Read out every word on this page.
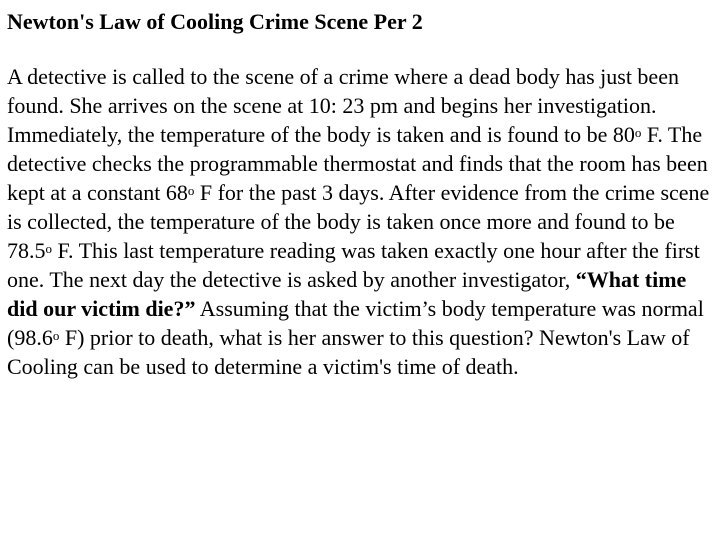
Newton's Law of Cooling Crime Scene Per 2
A detective is called to the scene of a crime where a dead body has just been found. She arrives on the scene at 10: 23 pm and begins her investigation. Immediately, the temperature of the body is taken and is found to be 80$^o$ F. The detective checks the programmable thermostat and finds that the room has been kept at a constant 68$^o$ F for the past 3 days. After evidence from the crime scene is collected, the temperature of the body is taken once more and found to be 78.5$^o$ F. This last temperature reading was taken exactly one hour after the first one. The next day the detective is asked by another investigator, “What time did our victim die?” Assuming that the victim’s body temperature was normal (98.6$^o$ F) prior to death, what is her answer to this question? Newton's Law of Cooling can be used to determine a victim's time of death.
